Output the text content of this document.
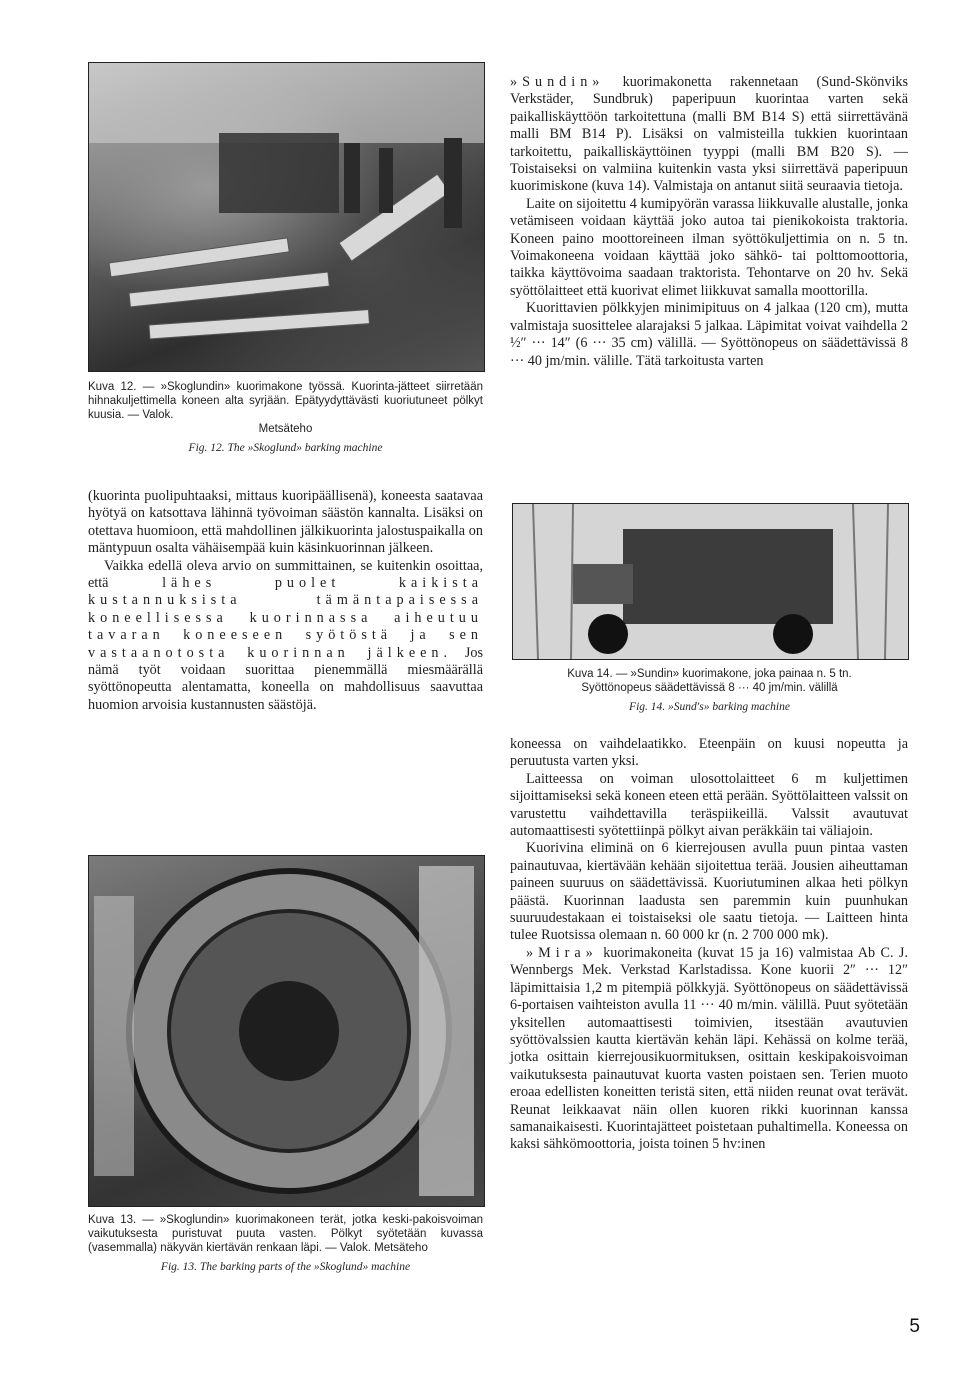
Kuva 12. — »Skoglundin» kuorimakone työssä. Kuorinta-jätteet siirretään hihnakuljettimella koneen alta syrjään. Epätyydyttävästi kuoriutuneet pölkyt kuusia. — Valok.
Metsäteho
Fig. 12. The »Skoglund» barking machine

(kuorinta puolipuhtaaksi, mittaus kuoripäällisenä), koneesta saatavaa hyötyä on katsottava lähinnä työvoiman säästön kannalta. Lisäksi on otettava huomioon, että mahdollinen jälkikuorinta jalostuspaikalla on mäntypuun osalta vähäisempää kuin käsinkuorinnan jälkeen.

Vaikka edellä oleva arvio on summittainen, se kuitenkin osoittaa, että	lähes puolet kaikista kustannuksista tämäntapaisessa koneellisessa kuorinnassa aiheutuu tavaran koneeseen syötöstä ja sen vastaanotosta kuorinnan jälkeen. Jos nämä työt voidaan suorittaa pienemmällä miesmäärällä syöttönopeutta alentamatta, koneella on mahdollisuus saavuttaa huomion arvoisia kustannusten säästöjä.

Kuva 13. — »Skoglundin» kuorimakoneen terät, jotka keski-pakoisvoiman vaikutuksesta puristuvat puuta vasten. Pölkyt syötetään kuvassa (vasemmalla) näkyvän kiertävän renkaan läpi. — Valok. Metsäteho
Fig. 13. The barking parts of the »Skoglund» machine

»Sundin» kuorimakonetta rakennetaan (Sund-Skönviks Verkstäder, Sundbruk) paperipuun kuorintaa varten sekä paikalliskäyttöön tarkoitettuna (malli BM B14 S) että siirrettävänä malli BM B14 P). Lisäksi on valmisteilla tukkien kuorintaan tarkoitettu, paikalliskäyttöinen tyyppi (malli BM B20 S). — Toistaiseksi on valmiina kuitenkin vasta yksi siirrettävä paperipuun kuorimiskone (kuva 14). Valmistaja on antanut siitä seuraavia tietoja.

Laite on sijoitettu 4 kumipyörän varassa liikkuvalle alustalle, jonka vetämiseen voidaan käyttää joko autoa tai pienikokoista traktoria. Koneen paino moottoreineen ilman syöttökuljettimia on n. 5 tn. Voimakoneena voidaan käyttää joko sähkö- tai polttomoottoria, taikka käyttövoima saadaan traktorista. Tehontarve on 20 hv. Sekä syöttölaitteet että kuorivat elimet liikkuvat samalla moottorilla.

Kuorittavien pölkkyjen minimipituus on 4 jalkaa (120 cm), mutta valmistaja suosittelee alarajaksi 5 jalkaa. Läpimitat voivat vaihdella 2 ½″ ··· 14″ (6 ··· 35 cm) välillä. — Syöttönopeus on säädettävissä 8 ··· 40 jm/min. välille. Tätä tarkoitusta varten

Kuva 14. — »Sundin» kuorimakone, joka painaa n. 5 tn.
Syöttönopeus säädettävissä 8 ··· 40 jm/min. välillä
Fig. 14. »Sund's» barking machine

koneessa on vaihdelaatikko. Eteenpäin on kuusi nopeutta ja peruutusta varten yksi.

Laitteessa on voiman ulosottolaitteet 6 m kuljettimen sijoittamiseksi sekä koneen eteen että perään. Syöttölaitteen valssit on varustettu vaihdettavilla teräspiikeillä. Valssit avautuvat automaattisesti syötettiinpä pölkyt aivan peräkkäin tai väliajoin.

Kuorivina eliminä on 6 kierrejousen avulla puun pintaa vasten painautuvaa, kiertävään kehään sijoitettua terää. Jousien aiheuttaman paineen suuruus on säädettävissä. Kuoriutuminen alkaa heti pölkyn päästä. Kuorinnan laadusta sen paremmin kuin puunhukan suuruudestakaan ei toistaiseksi ole saatu tietoja. — Laitteen hinta tulee Ruotsissa olemaan n. 60 000 kr (n. 2 700 000 mk).

»Mira» kuorimakoneita (kuvat 15 ja 16) valmistaa Ab C. J. Wennbergs Mek. Verkstad Karlstadissa. Kone kuorii 2″ ··· 12″ läpimittaisia 1,2 m pitempiä pölkkyjä. Syöttönopeus on säädettävissä 6-portaisen vaihteiston avulla 11 ··· 40 m/min. välillä. Puut syötetään yksitellen automaattisesti toimivien, itsestään avautuvien syöttövalssien kautta kiertävän kehän läpi. Kehässä on kolme terää, jotka osittain kierrejousikuormituksen, osittain keskipakoisvoiman vaikutuksesta painautuvat kuorta vasten poistaen sen. Terien muoto eroaa edellisten koneitten teristä siten, että niiden reunat ovat terävät. Reunat leikkaavat näin ollen kuoren rikki kuorinnan kanssa samanaikaisesti. Kuorintajätteet poistetaan puhaltimella. Koneessa on kaksi sähkömoottoria, joista toinen 5 hv:inen

5
